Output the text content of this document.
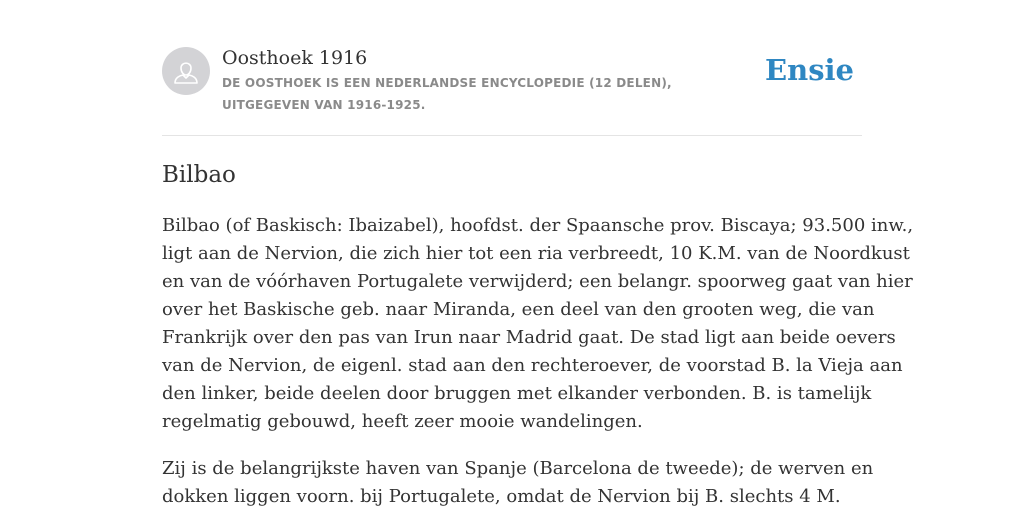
Oosthoek 1916
DE OOSTHOEK IS EEN NEDERLANDSE ENCYCLOPEDIE (12 DELEN), UITGEGEVEN VAN 1916-1925.
Ensie
Bilbao

Bilbao (of Baskisch: Ibaizabel), hoofdst. der Spaansche prov. Biscaya; 93.500 inw.,
ligt aan de Nervion, die zich hier tot een ria verbreedt, 10 K.M. van de Noordkust
en van de vóórhaven Portugalete verwijderd; een belangr. spoorweg gaat van hier
over het Baskische geb. naar Miranda, een deel van den grooten weg, die van
Frankrijk over den pas van Irun naar Madrid gaat. De stad ligt aan beide oevers
van de Nervion, de eigenl. stad aan den rechteroever, de voorstad B. la Vieja aan
den linker, beide deelen door bruggen met elkander verbonden. B. is tamelijk
regelmatig gebouwd, heeft zeer mooie wandelingen.

Zij is de belangrijkste haven van Spanje (Barcelona de tweede); de werven en
dokken liggen voorn. bij Portugalete, omdat de Nervion bij B. slechts 4 M.
